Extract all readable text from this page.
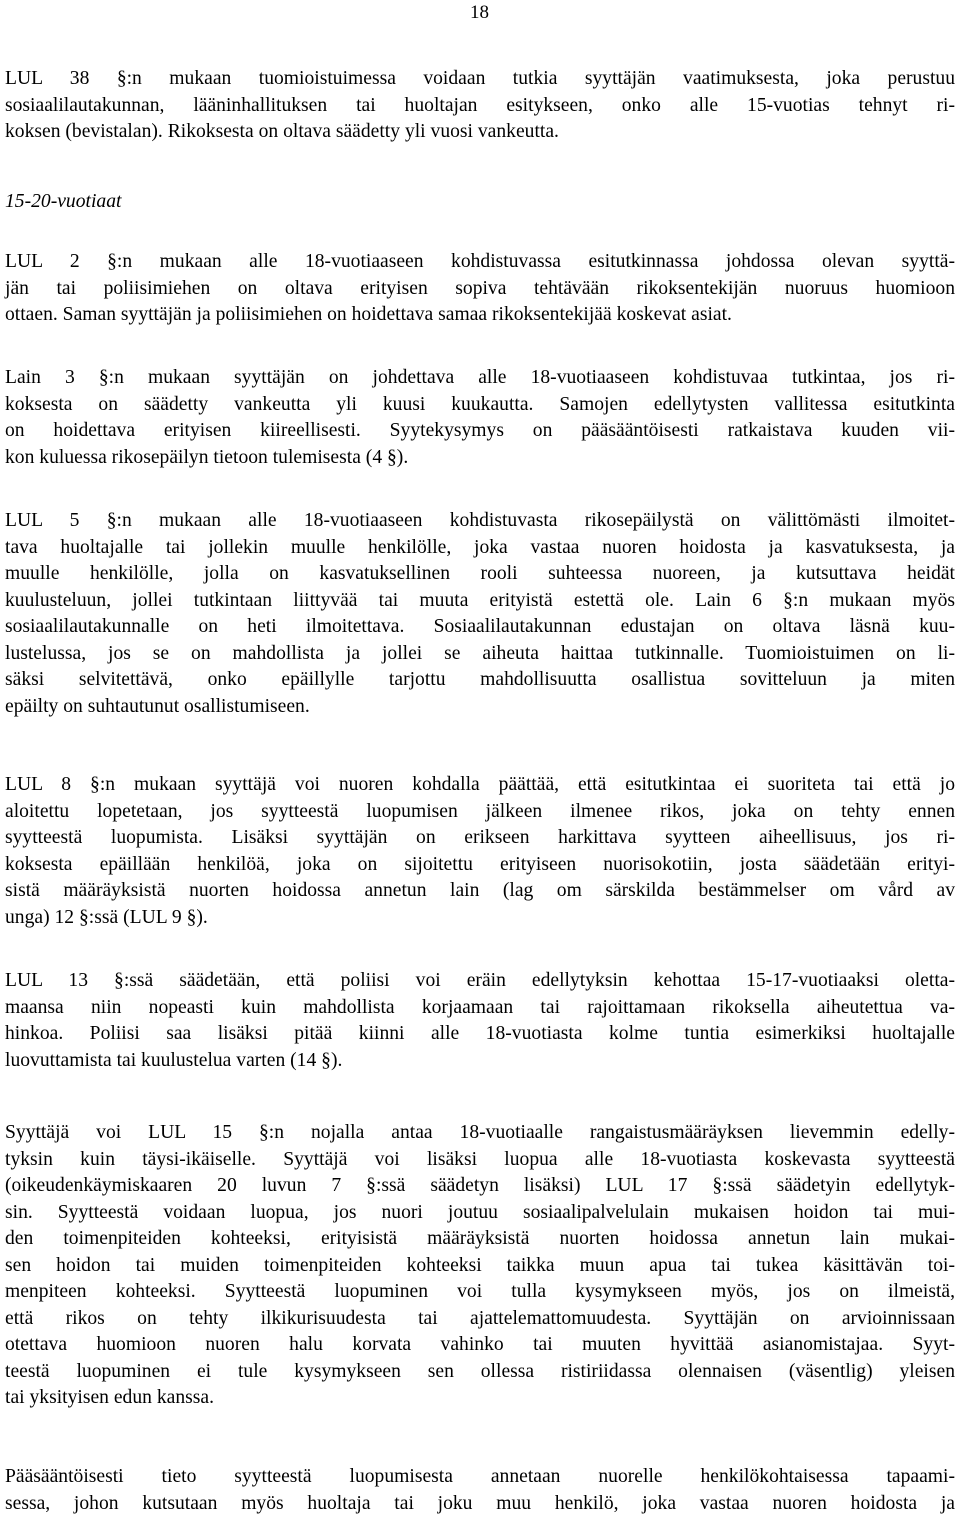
18
LUL 38 §:n mukaan tuomioistuimessa voidaan tutkia syyttäjän vaatimuksesta, joka perustuu
sosiaalilautakunnan, lääninhallituksen tai huoltajan esitykseen, onko alle 15-vuotias tehnyt ri-
koksen (bevistalan). Rikoksesta on oltava säädetty yli vuosi vankeutta.
15-20-vuotiaat
LUL 2 §:n mukaan alle 18-vuotiaaseen kohdistuvassa esitutkinnassa johdossa olevan syyttä-
jän tai poliisimiehen on oltava erityisen sopiva tehtävään rikoksentekijän nuoruus huomioon
ottaen. Saman syyttäjän ja poliisimiehen on hoidettava samaa rikoksentekijää koskevat asiat.
Lain 3 §:n mukaan syyttäjän on johdettava alle 18-vuotiaaseen kohdistuvaa tutkintaa, jos ri-
koksesta on säädetty vankeutta yli kuusi kuukautta. Samojen edellytysten vallitessa esitutkinta
on hoidettava erityisen kiireellisesti. Syytekysymys on pääsääntöisesti ratkaistava kuuden vii-
kon kuluessa rikosepäilyn tietoon tulemisesta (4 §).
LUL 5 §:n mukaan alle 18-vuotiaaseen kohdistuvasta rikosepäilystä on välittömästi ilmoitet-
tava huoltajalle tai jollekin muulle henkilölle, joka vastaa nuoren hoidosta ja kasvatuksesta, ja
muulle henkilölle, jolla on kasvatuksellinen rooli suhteessa nuoreen, ja kutsuttava heidät
kuulusteluun, jollei tutkintaan liittyvää tai muuta erityistä estettä ole. Lain 6 §:n mukaan myös
sosiaalilautakunnalle on heti ilmoitettava. Sosiaalilautakunnan edustajan on oltava läsnä kuu-
lustelussa, jos se on mahdollista ja jollei se aiheuta haittaa tutkinnalle. Tuomioistuimen on li-
säksi selvitettävä, onko epäillylle tarjottu mahdollisuutta osallistua sovitteluun ja miten
epäilty on suhtautunut osallistumiseen.
LUL 8 §:n mukaan syyttäjä voi nuoren kohdalla päättää, että esitutkintaa ei suoriteta tai että jo
aloitettu lopetetaan, jos syytteestä luopumisen jälkeen ilmenee rikos, joka on tehty ennen
syytteestä luopumista. Lisäksi syyttäjän on erikseen harkittava syytteen aiheellisuus, jos ri-
koksesta epäillään henkilöä, joka on sijoitettu erityiseen nuorisokotiin, josta säädetään erityi-
sistä määräyksistä nuorten hoidossa annetun lain (lag om särskilda bestämmelser om vård av
unga) 12 §:ssä (LUL 9 §).
LUL 13 §:ssä säädetään, että poliisi voi eräin edellytyksin kehottaa 15-17-vuotiaaksi oletta-
maansa niin nopeasti kuin mahdollista korjaamaan tai rajoittamaan rikoksella aiheutettua va-
hinkoa. Poliisi saa lisäksi pitää kiinni alle 18-vuotiasta kolme tuntia esimerkiksi huoltajalle
luovuttamista tai kuulustelua varten (14 §).
Syyttäjä voi LUL 15 §:n nojalla antaa 18-vuotiaalle rangaistusmääräyksen lievemmin edelly-
tyksin kuin täysi-ikäiselle. Syyttäjä voi lisäksi luopua alle 18-vuotiasta koskevasta syytteestä
(oikeudenkäymiskaaren 20 luvun 7 §:ssä säädetyn lisäksi) LUL 17 §:ssä säädetyin edellytyk-
sin. Syytteestä voidaan luopua, jos nuori joutuu sosiaalipalvelulain mukaisen hoidon tai mui-
den toimenpiteiden kohteeksi, erityisistä määräyksistä nuorten hoidossa annetun lain mukai-
sen hoidon tai muiden toimenpiteiden kohteeksi taikka muun apua tai tukea käsittävän toi-
menpiteen kohteeksi. Syytteestä luopuminen voi tulla kysymykseen myös, jos on ilmeistä,
että rikos on tehty ilkikurisuudesta tai ajattelemattomuudesta. Syyttäjän on arvioinnissaan
otettava huomioon nuoren halu korvata vahinko tai muuten hyvittää asianomistajaa. Syyt-
teestä luopuminen ei tule kysymykseen sen ollessa ristiriidassa olennaisen (väsentlig) yleisen
tai yksityisen edun kanssa.
Pääsääntöisesti tieto syytteestä luopumisesta annetaan nuorelle henkilökohtaisessa tapaami-
sessa, johon kutsutaan myös huoltaja tai joku muu henkilö, joka vastaa nuoren hoidosta ja
